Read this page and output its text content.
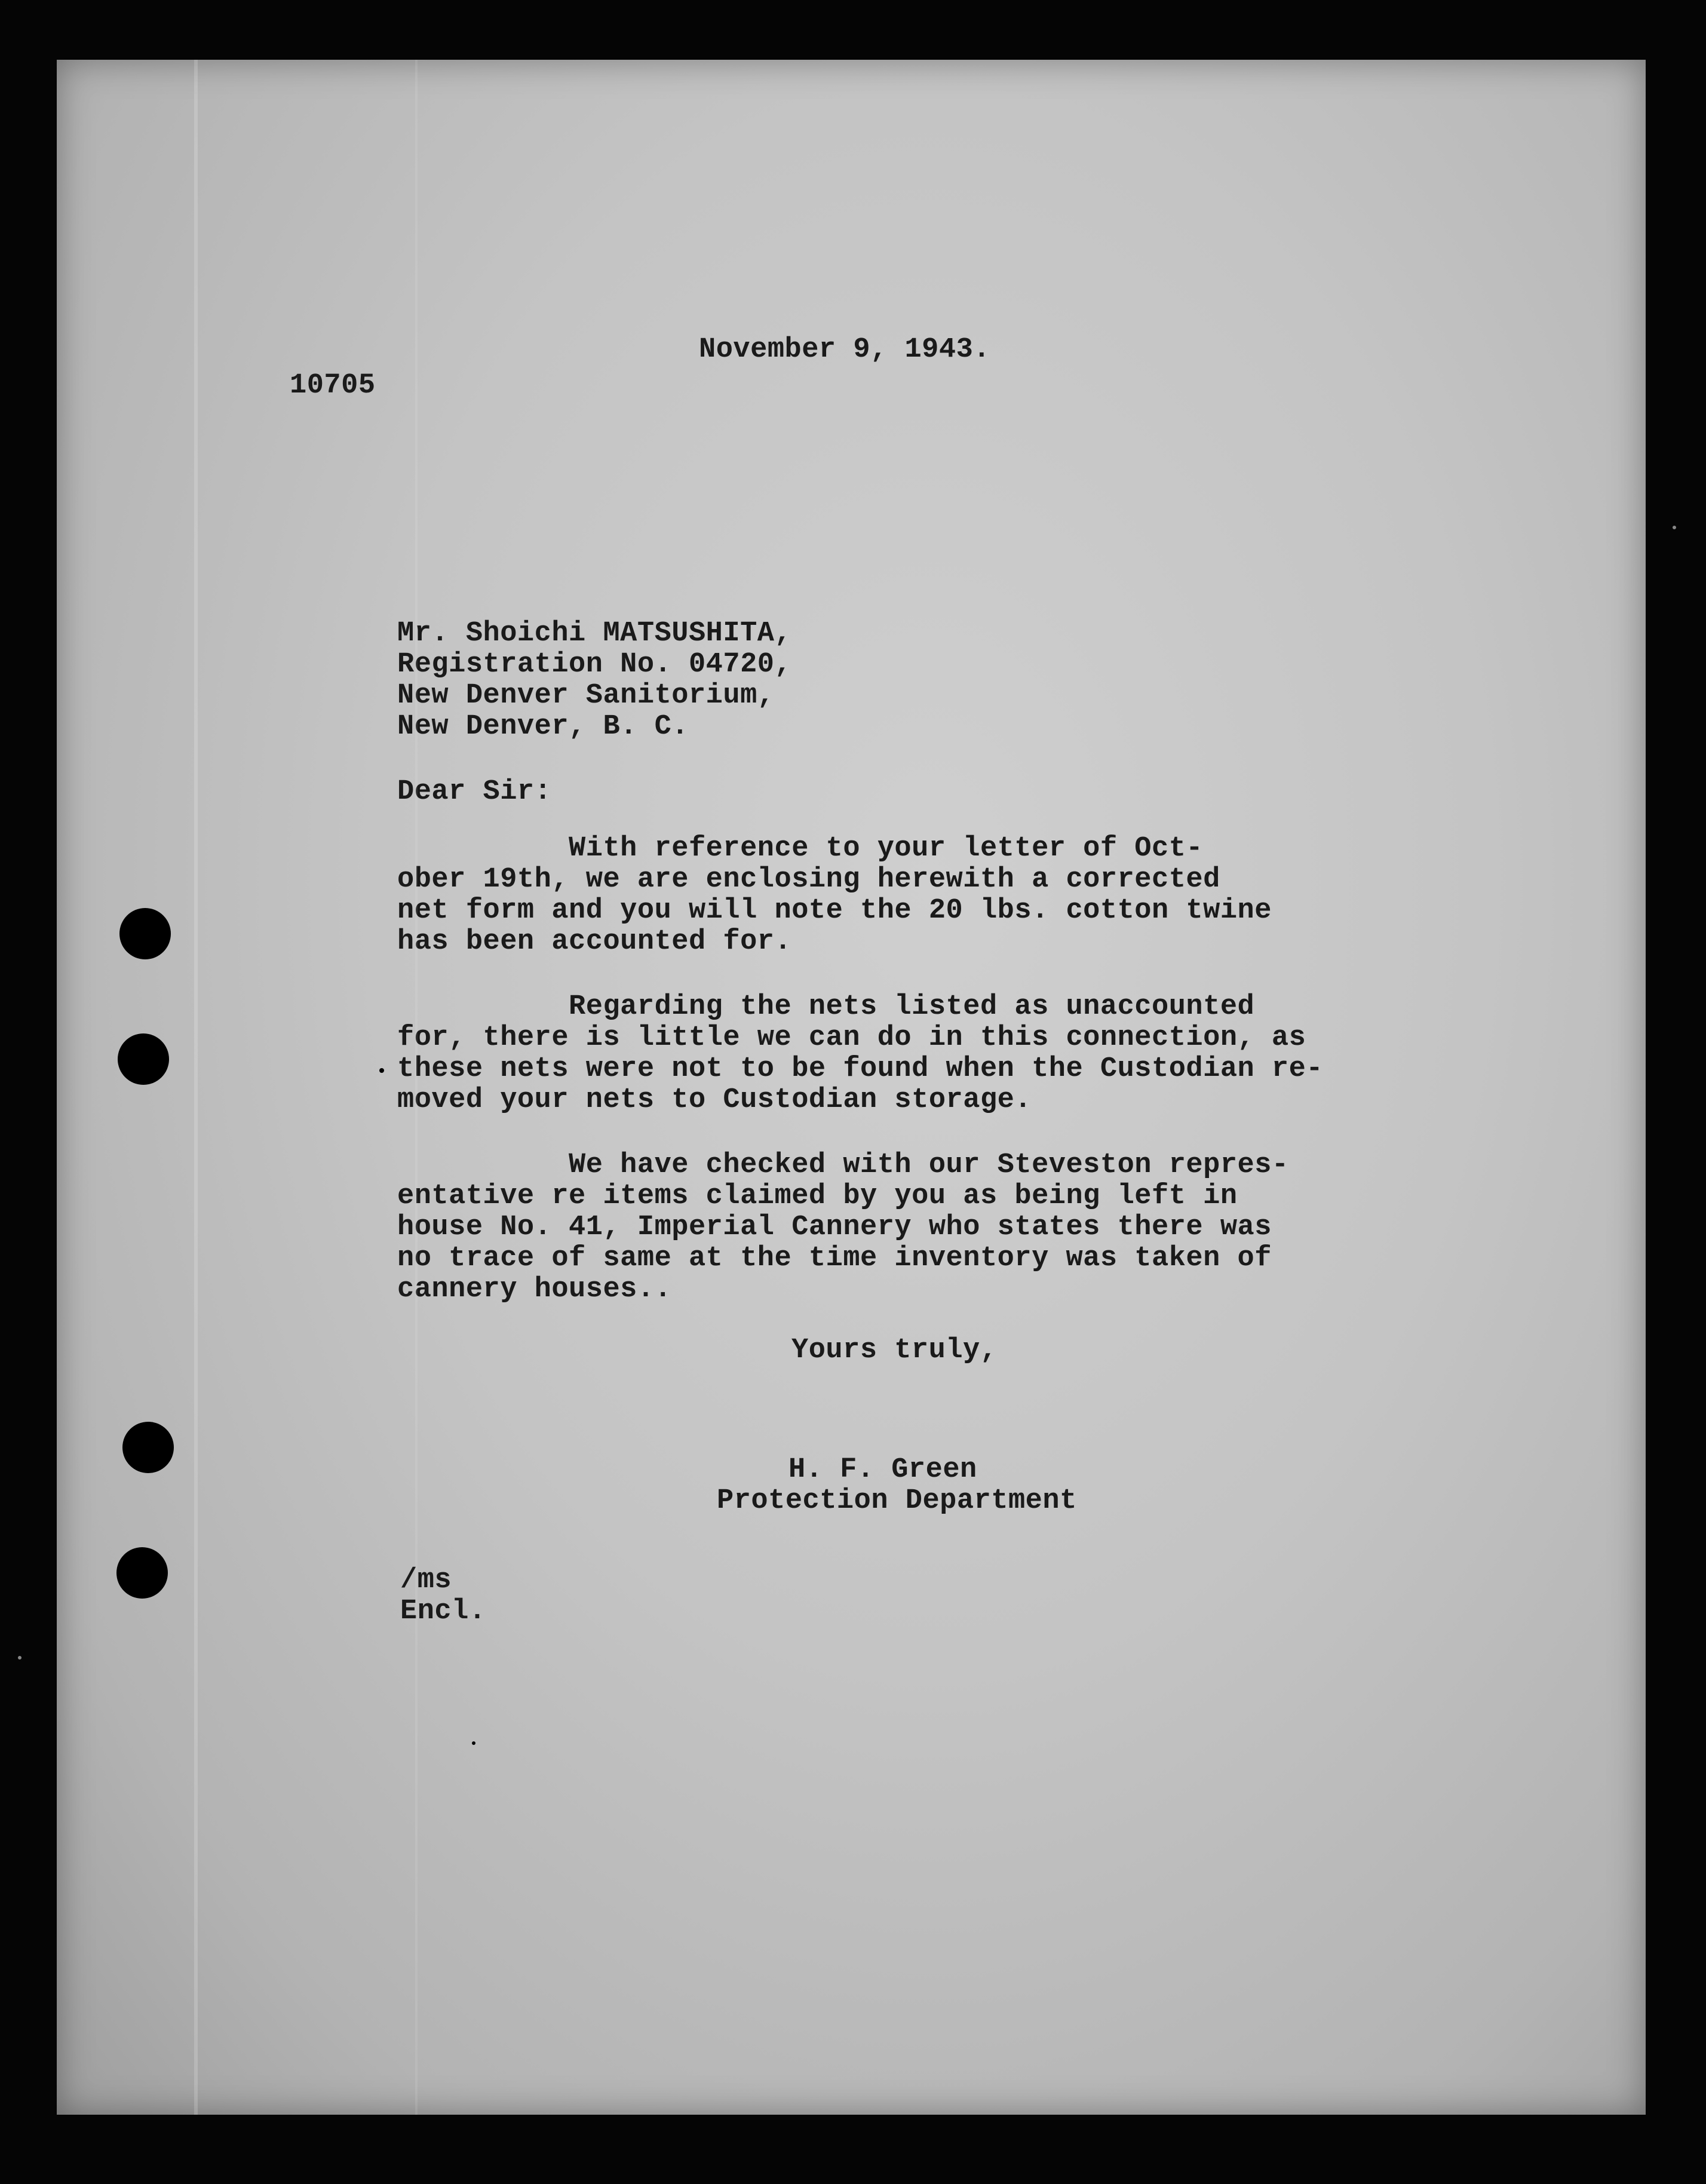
10705
November 9, 1943.
Mr. Shoichi MATSUSHITA,
Registration No. 04720,
New Denver Sanitorium,
New Denver, B. C.
Dear Sir:
With reference to your letter of Oct-
ober 19th, we are enclosing herewith a corrected
net form and you will note the 20 lbs. cotton twine
has been accounted for.
Regarding the nets listed as unaccounted
for, there is little we can do in this connection, as
these nets were not to be found when the Custodian re-
moved your nets to Custodian storage.
We have checked with our Steveston repres-
entative re items claimed by you as being left in
house No. 41, Imperial Cannery who states there was
no trace of same at the time inventory was taken of
cannery houses..
Yours truly,
H. F. Green
Protection Department
/ms
Encl.
